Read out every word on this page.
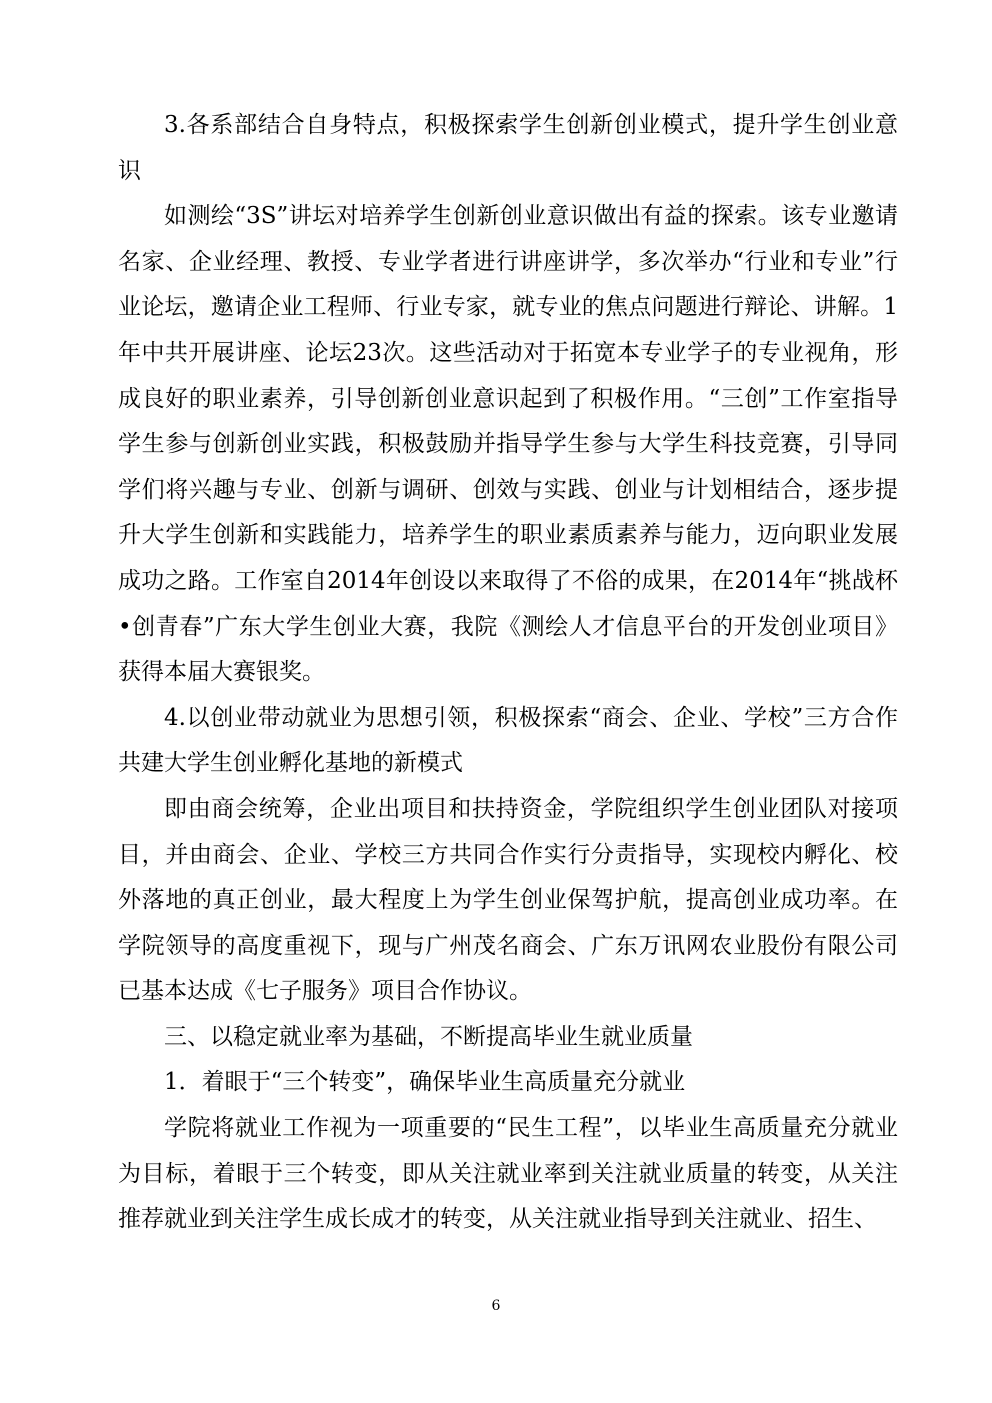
3.各系部结合自身特点，积极探索学生创新创业模式，提升学生创业意识

如测绘“3S”讲坛对培养学生创新创业意识做出有益的探索。该专业邀请名家、企业经理、教授、专业学者进行讲座讲学，多次举办“行业和专业”行业论坛，邀请企业工程师、行业专家，就专业的焦点问题进行辩论、讲解。1年中共开展讲座、论坛23次。这些活动对于拓宽本专业学子的专业视角，形成良好的职业素养，引导创新创业意识起到了积极作用。“三创”工作室指导学生参与创新创业实践，积极鼓励并指导学生参与大学生科技竞赛，引导同学们将兴趣与专业、创新与调研、创效与实践、创业与计划相结合，逐步提升大学生创新和实践能力，培养学生的职业素质素养与能力，迈向职业发展成功之路。工作室自2014年创设以来取得了不俗的成果，在2014年“挑战杯•创青春”广东大学生创业大赛，我院《测绘人才信息平台的开发创业项目》获得本届大赛银奖。

4.以创业带动就业为思想引领，积极探索“商会、企业、学校”三方合作共建大学生创业孵化基地的新模式

即由商会统筹，企业出项目和扶持资金，学院组织学生创业团队对接项目，并由商会、企业、学校三方共同合作实行分责指导，实现校内孵化、校外落地的真正创业，最大程度上为学生创业保驾护航，提高创业成功率。在学院领导的高度重视下，现与广州茂名商会、广东万讯网农业股份有限公司已基本达成《七子服务》项目合作协议。

三、以稳定就业率为基础，不断提高毕业生就业质量

1．着眼于“三个转变”，确保毕业生高质量充分就业

学院将就业工作视为一项重要的“民生工程”，以毕业生高质量充分就业为目标，着眼于三个转变，即从关注就业率到关注就业质量的转变，从关注推荐就业到关注学生成长成才的转变，从关注就业指导到关注就业、招生、

6
